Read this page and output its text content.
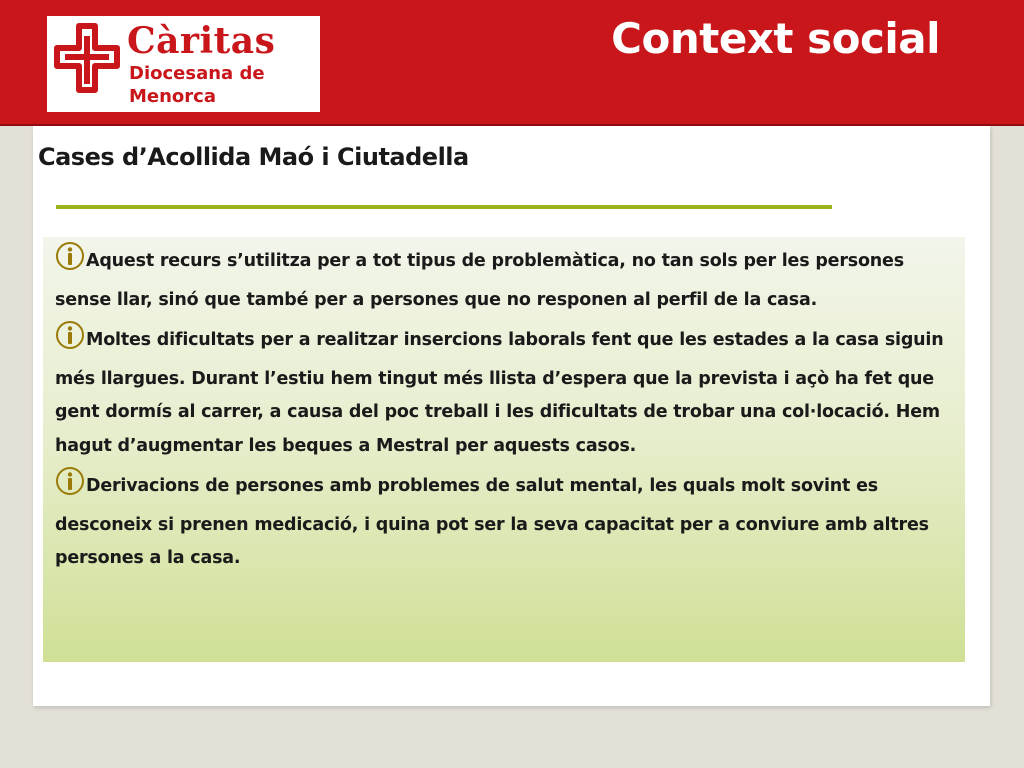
Càritas
Diocesana de
Menorca
Context social
Cases d’Acollida Maó i Ciutadella

Aquest recurs s’utilitza per a tot tipus de problemàtica, no tan sols per les persones sense llar, sinó que també per a persones que no responen al perfil de la casa.

Moltes dificultats per a realitzar insercions laborals fent que les estades a la casa siguin més llargues. Durant l’estiu hem tingut més llista d’espera que la prevista i açò ha fet que gent dormís al carrer, a causa del poc treball i les dificultats de trobar una col·locació. Hem hagut d’augmentar les beques a Mestral per aquests casos.

Derivacions de persones amb problemes de salut mental, les quals molt sovint es desconeix si prenen medicació, i quina pot ser la seva capacitat per a conviure amb altres persones a la casa.
